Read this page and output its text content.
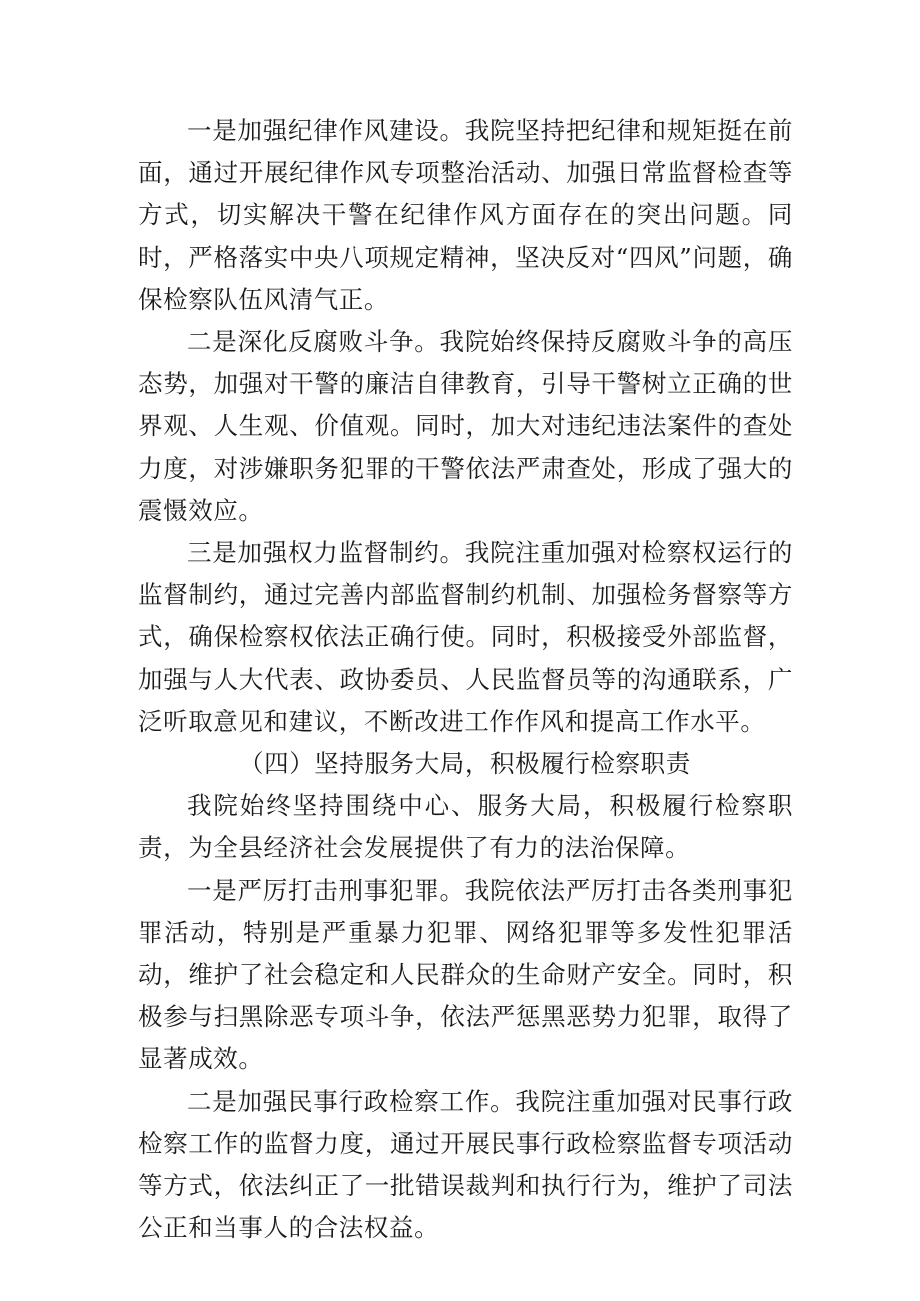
一是加强纪律作风建设。我院坚持把纪律和规矩挺在前面，通过开展纪律作风专项整治活动、加强日常监督检查等方式，切实解决干警在纪律作风方面存在的突出问题。同时，严格落实中央八项规定精神，坚决反对“四风”问题，确保检察队伍风清气正。

二是深化反腐败斗争。我院始终保持反腐败斗争的高压态势，加强对干警的廉洁自律教育，引导干警树立正确的世界观、人生观、价值观。同时，加大对违纪违法案件的查处力度，对涉嫌职务犯罪的干警依法严肃查处，形成了强大的震慑效应。

三是加强权力监督制约。我院注重加强对检察权运行的监督制约，通过完善内部监督制约机制、加强检务督察等方式，确保检察权依法正确行使。同时，积极接受外部监督，加强与人大代表、政协委员、人民监督员等的沟通联系，广泛听取意见和建议，不断改进工作作风和提高工作水平。

（四）坚持服务大局，积极履行检察职责

我院始终坚持围绕中心、服务大局，积极履行检察职责，为全县经济社会发展提供了有力的法治保障。

一是严厉打击刑事犯罪。我院依法严厉打击各类刑事犯罪活动，特别是严重暴力犯罪、网络犯罪等多发性犯罪活动，维护了社会稳定和人民群众的生命财产安全。同时，积极参与扫黑除恶专项斗争，依法严惩黑恶势力犯罪，取得了显著成效。

二是加强民事行政检察工作。我院注重加强对民事行政检察工作的监督力度，通过开展民事行政检察监督专项活动等方式，依法纠正了一批错误裁判和执行行为，维护了司法公正和当事人的合法权益。
